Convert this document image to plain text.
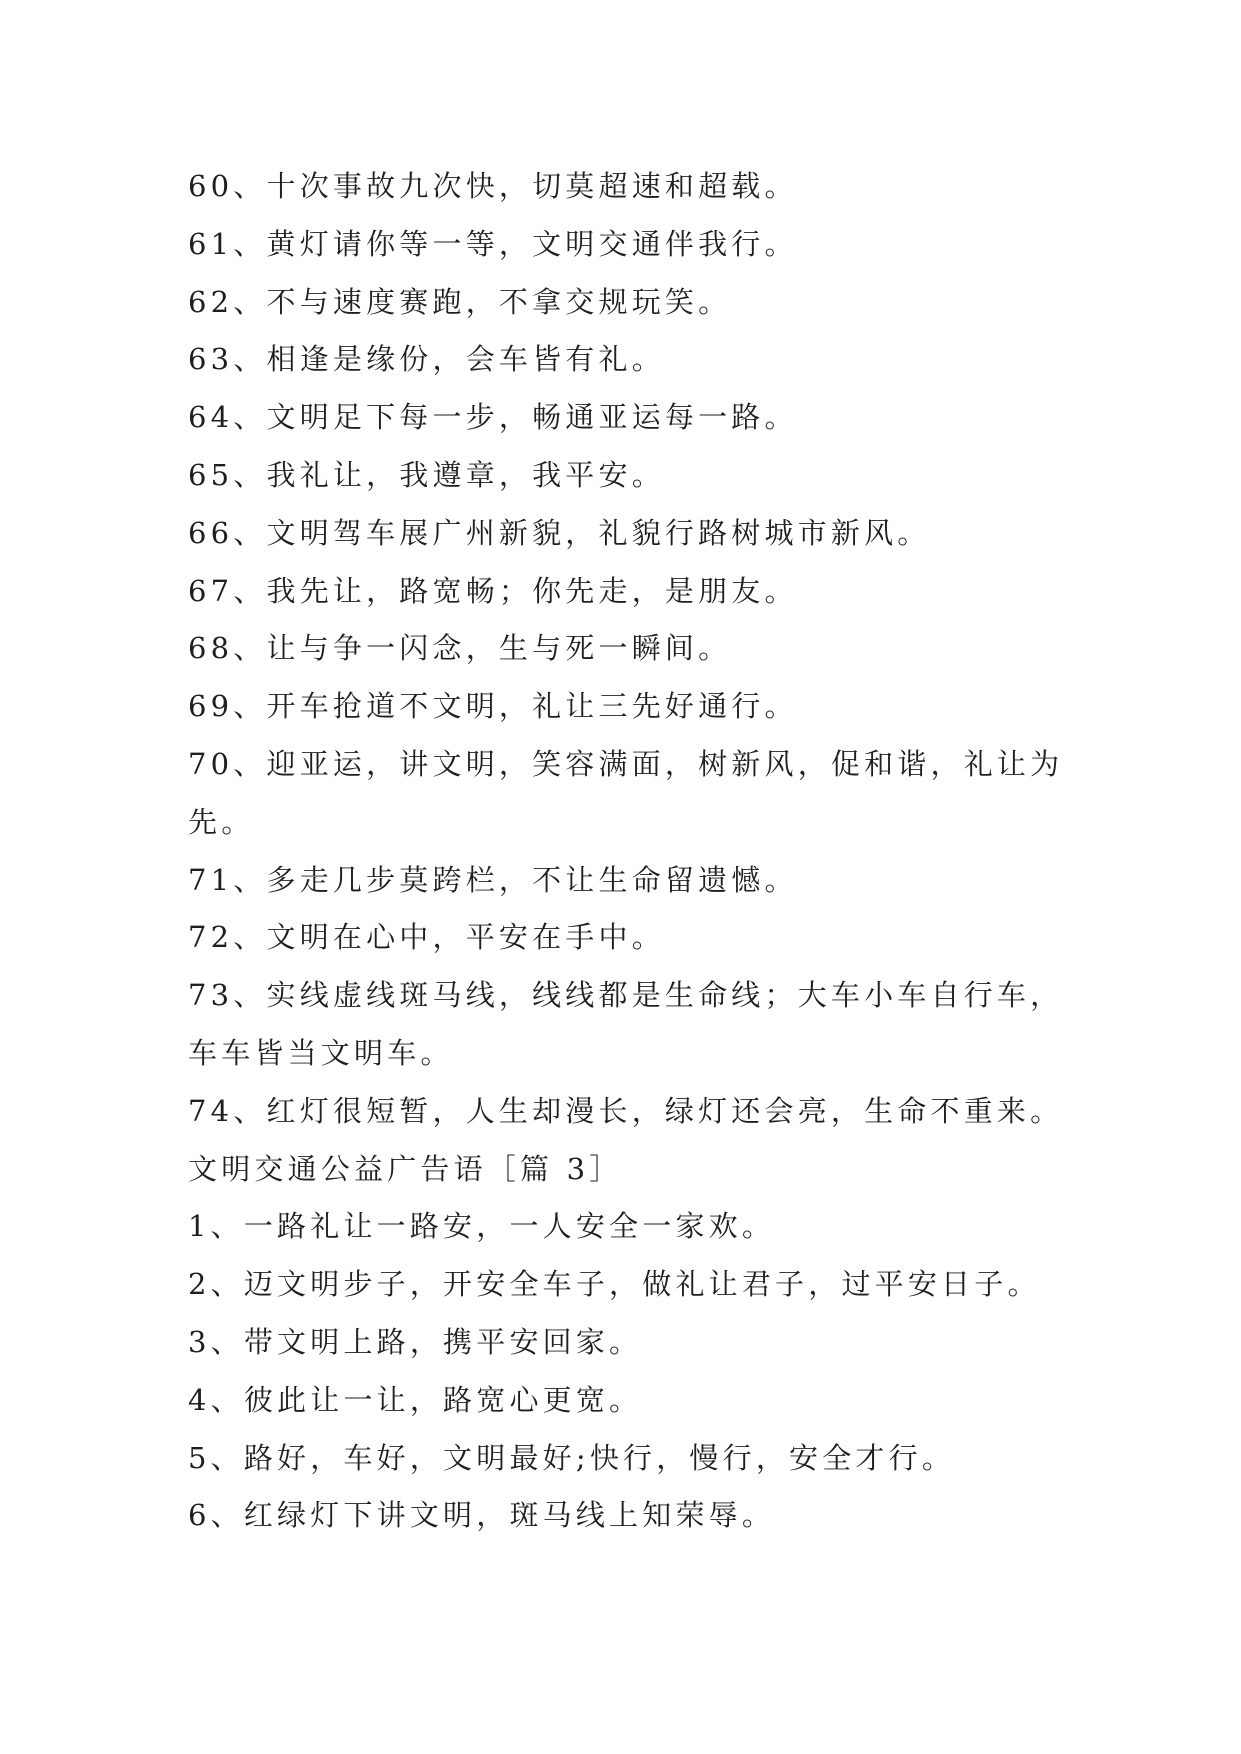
60、十次事故九次快，切莫超速和超载。

61、黄灯请你等一等，文明交通伴我行。

62、不与速度赛跑，不拿交规玩笑。

63、相逢是缘份，会车皆有礼。

64、文明足下每一步，畅通亚运每一路。

65、我礼让，我遵章，我平安。

66、文明驾车展广州新貌，礼貌行路树城市新风。

67、我先让，路宽畅；你先走，是朋友。

68、让与争一闪念，生与死一瞬间。

69、开车抢道不文明，礼让三先好通行。

70、迎亚运，讲文明，笑容满面，树新风，促和谐，礼让为

先。

71、多走几步莫跨栏，不让生命留遗憾。

72、文明在心中，平安在手中。

73、实线虚线斑马线，线线都是生命线；大车小车自行车，

车车皆当文明车。

74、红灯很短暂，人生却漫长，绿灯还会亮，生命不重来。

文明交通公益广告语［篇 3］

1、一路礼让一路安，一人安全一家欢。

2、迈文明步子，开安全车子，做礼让君子，过平安日子。

3、带文明上路，携平安回家。

4、彼此让一让，路宽心更宽。

5、路好，车好，文明最好;快行，慢行，安全才行。

6、红绿灯下讲文明，斑马线上知荣辱。
